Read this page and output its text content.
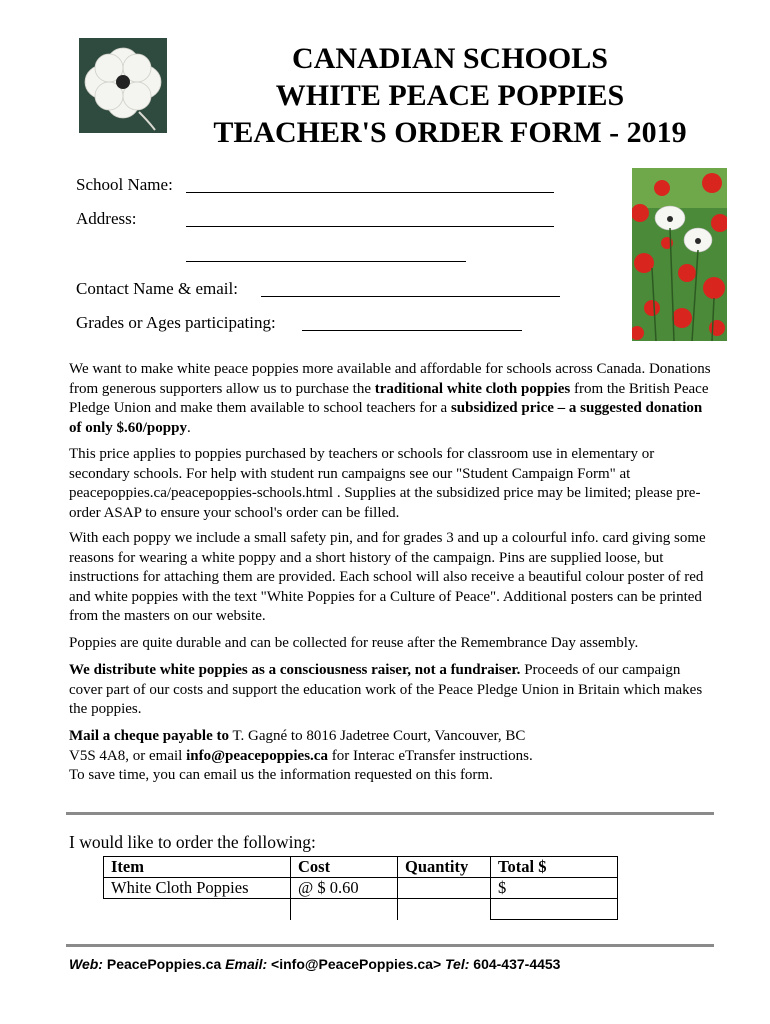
CANADIAN SCHOOLS
WHITE PEACE POPPIES
TEACHER'S ORDER FORM - 2019
School Name:
Address:
Contact Name & email:
Grades or Ages participating:
We want to make white peace poppies more available and affordable for schools across Canada. Donations from generous supporters allow us to purchase the traditional white cloth poppies from the British Peace Pledge Union and make them available to school teachers for a subsidized price – a suggested donation of only $.60/poppy.
This price applies to poppies purchased by teachers or schools for classroom use in elementary or secondary schools. For help with student run campaigns see our "Student Campaign Form" at peacepoppies.ca/peacepoppies-schools.html . Supplies at the subsidized price may be limited; please pre-order ASAP to ensure your school's order can be filled.
With each poppy we include a small safety pin, and for grades 3 and up a colourful info. card giving some reasons for wearing a white poppy and a short history of the campaign. Pins are supplied loose, but instructions for attaching them are provided. Each school will also receive a beautiful colour poster of red and white poppies with the text "White Poppies for a Culture of Peace". Additional posters can be printed from the masters on our website.
Poppies are quite durable and can be collected for reuse after the Remembrance Day assembly.
We distribute white poppies as a consciousness raiser, not a fundraiser. Proceeds of our campaign cover part of our costs and support the education work of the Peace Pledge Union in Britain which makes the poppies.
Mail a cheque payable to T. Gagné to 8016 Jadetree Court, Vancouver, BC
V5S 4A8, or email info@peacepoppies.ca for Interac eTransfer instructions.
To save time, you can email us the information requested on this form.
I would like to order the following:
Item	Cost	Quantity	Total $
White Cloth Poppies	@ $ 0.60		$

Web: PeacePoppies.ca Email: <info@PeacePoppies.ca> Tel: 604-437-4453
